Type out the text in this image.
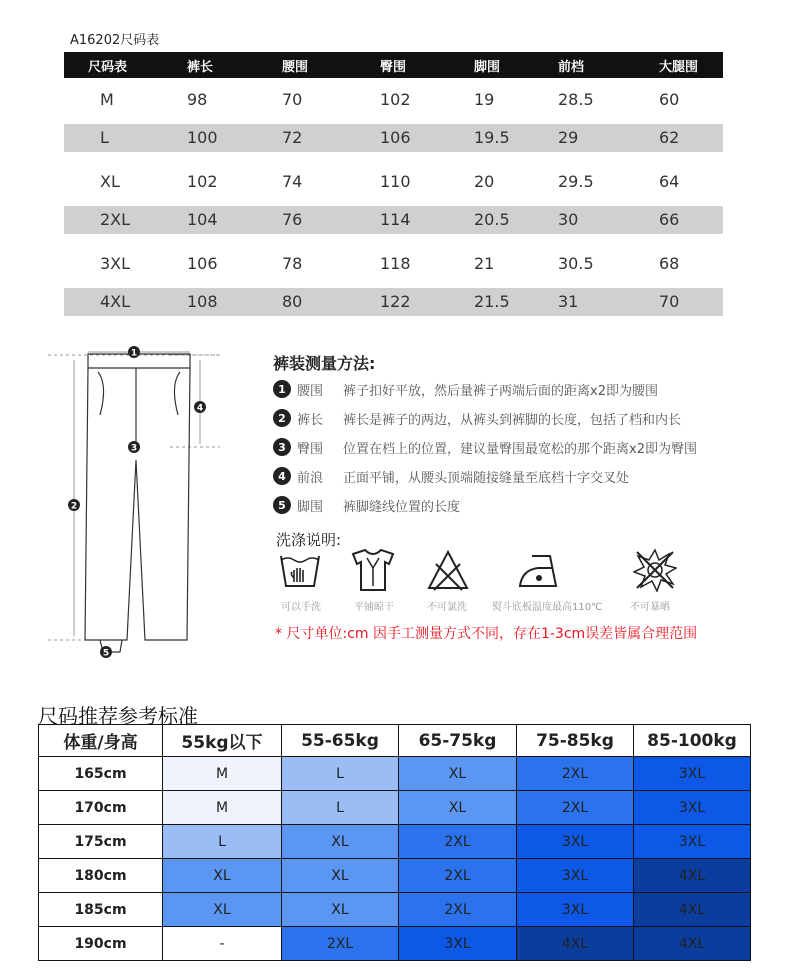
A16202尺码表
尺码表	裤长	腰围	臀围	脚围	前档	大腿围
M	98	70	102	19	28.5	60
L	100	72	106	19.5	29	62
XL	102	74	110	20	29.5	64
2XL	104	76	114	20.5	30	66
3XL	106	78	118	21	30.5	68
4XL	108	80	122	21.5	31	70
1
2
3
4
5
裤装测量方法:
1 腰围	裤子扣好平放，然后量裤子两端后面的距离x2即为腰围
2 裤长	裤长是裤子的两边，从裤头到裤脚的长度，包括了档和内长
3 臀围	位置在档上的位置，建议量臀围最宽松的那个距离x2即为臀围
4 前浪	正面平铺，从腰头顶端随接缝量至底档十字交叉处
5 脚围	裤脚缝线位置的长度
洗涤说明:
可以手洗	平铺晾干	不可氯洗	熨斗底板温度最高110℃	不可暴晒
* 尺寸单位:cm 因手工测量方式不同，存在1-3cm误差皆属合理范围
尺码推荐参考标准
体重/身高	55kg以下	55-65kg	65-75kg	75-85kg	85-100kg
165cm	M	L	XL	2XL	3XL
170cm	M	L	XL	2XL	3XL
175cm	L	XL	2XL	3XL	3XL
180cm	XL	XL	2XL	3XL	4XL
185cm	XL	XL	2XL	3XL	4XL
190cm	-	2XL	3XL	4XL	4XL
